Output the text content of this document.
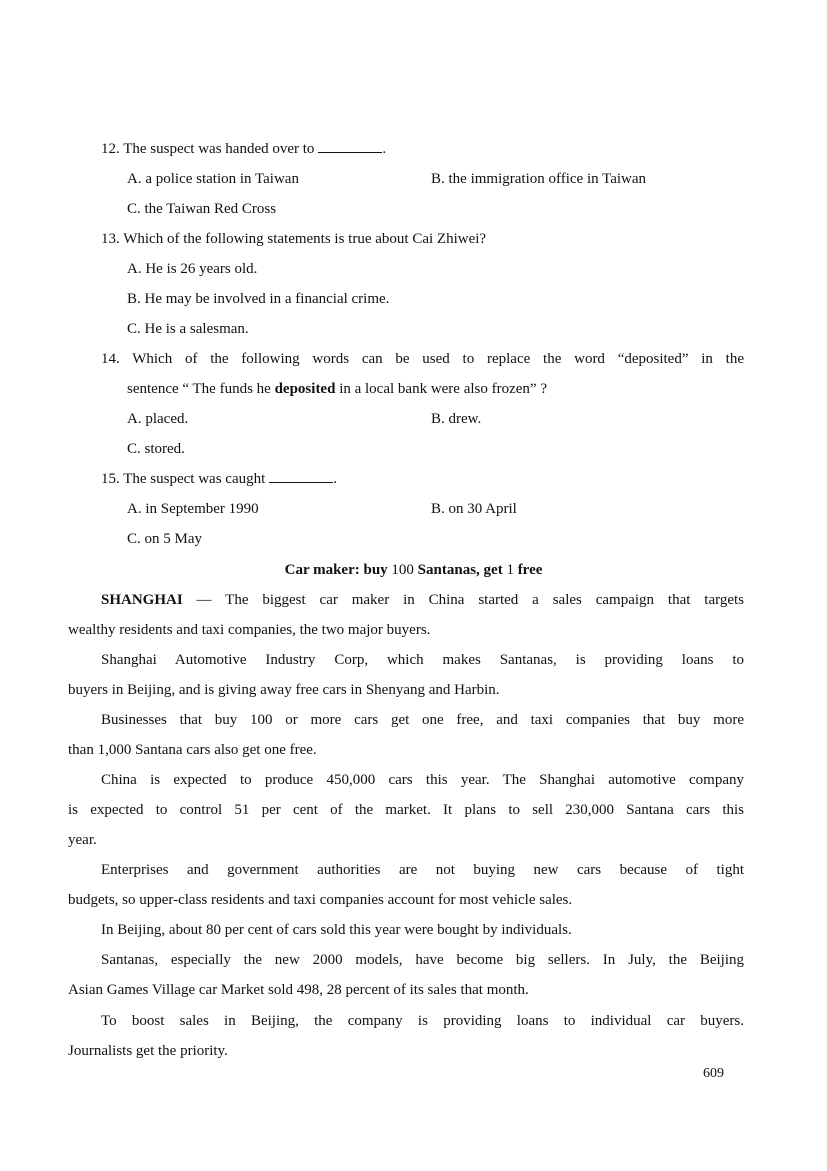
12. The suspect was handed over to	.
A. a police station in Taiwan	B. the immigration office in Taiwan
C. the Taiwan Red Cross
13. Which of the following statements is true about Cai Zhiwei?
A. He is 26 years old.
B. He may be involved in a financial crime.
C. He is a salesman.
14. Which of the following words can be used to replace the word “deposited” in the
sentence “ The funds he deposited in a local bank were also frozen” ?
A. placed.	B. drew.
C. stored.
15. The suspect was caught	.
A. in September 1990	B. on 30 April
C. on 5 May
Car maker: buy 100 Santanas, get 1 free
SHANGHAI — The biggest car maker in China started a sales campaign that targets
wealthy residents and taxi companies, the two major buyers.
Shanghai Automotive Industry Corp, which makes Santanas, is providing loans to
buyers in Beijing, and is giving away free cars in Shenyang and Harbin.
Businesses that buy 100 or more cars get one free, and taxi companies that buy more
than 1,000 Santana cars also get one free.
China is expected to produce 450,000 cars this year. The Shanghai automotive company
is expected to control 51 per cent of the market. It plans to sell 230,000 Santana cars this
year.
Enterprises and government authorities are not buying new cars because of tight
budgets, so upper-class residents and taxi companies account for most vehicle sales.
In Beijing, about 80 per cent of cars sold this year were bought by individuals.
Santanas, especially the new 2000 models, have become big sellers. In July, the Beijing
Asian Games Village car Market sold 498, 28 percent of its sales that month.
To boost sales in Beijing, the company is providing loans to individual car buyers.
Journalists get the priority.
609
